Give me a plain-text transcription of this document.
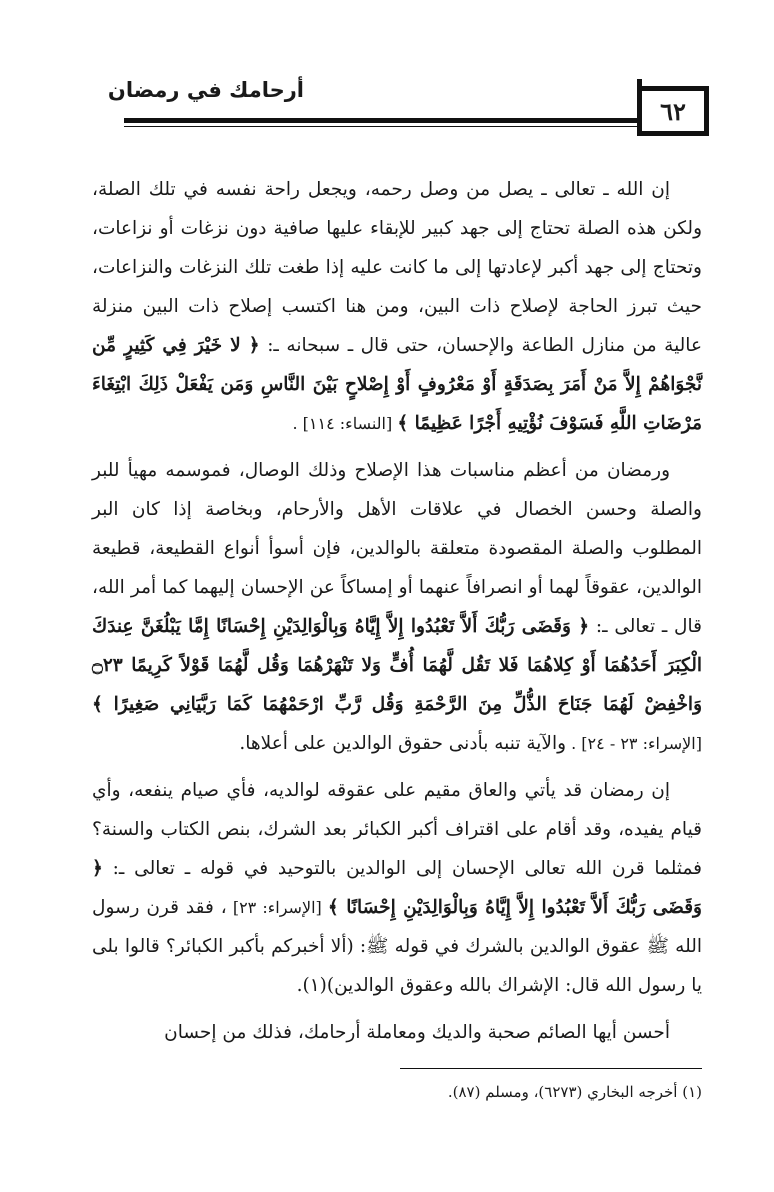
أرحامك في رمضان
٦٢

إن الله ـ تعالى ـ يصل من وصل رحمه، ويجعل راحة نفسه في تلك الصلة، ولكن هذه الصلة تحتاج إلى جهد كبير للإبقاء عليها صافية دون نزغات أو نزاعات، وتحتاج إلى جهد أكبر لإعادتها إلى ما كانت عليه إذا طغت تلك النزغات والنزاعات، حيث تبرز الحاجة لإصلاح ذات البين، ومن هنا اكتسب إصلاح ذات البين منزلة عالية من منازل الطاعة والإحسان، حتى قال ـ سبحانه ـ: ﴿ لا خَيْرَ فِي كَثِيرٍ مِّن نَّجْوَاهُمْ إِلاَّ مَنْ أَمَرَ بِصَدَقَةٍ أَوْ مَعْرُوفٍ أَوْ إِصْلاحٍ بَيْنَ النَّاسِ وَمَن يَفْعَلْ ذَلِكَ ابْتِغَاءَ مَرْضَاتِ اللَّهِ فَسَوْفَ نُؤْتِيهِ أَجْرًا عَظِيمًا ﴾ [النساء: ١١٤] .

ورمضان من أعظم مناسبات هذا الإصلاح وذلك الوصال، فموسمه مهيأ للبر والصلة وحسن الخصال في علاقات الأهل والأرحام، وبخاصة إذا كان البر المطلوب والصلة المقصودة متعلقة بالوالدين، فإن أسوأ أنواع القطيعة، قطيعة الوالدين، عقوقاً لهما أو انصرافاً عنهما أو إمساكاً عن الإحسان إليهما كما أمر الله، قال ـ تعالى ـ: ﴿ وَقَضَى رَبُّكَ أَلاَّ تَعْبُدُوا إِلاَّ إِيَّاهُ وَبِالْوَالِدَيْنِ إِحْسَانًا إِمَّا يَبْلُغَنَّ عِندَكَ الْكِبَرَ أَحَدُهُمَا أَوْ كِلاهُمَا فَلا تَقُل لَّهُمَا أُفٍّ وَلا تَنْهَرْهُمَا وَقُل لَّهُمَا قَوْلاً كَرِيمًا ۝٢٣ وَاخْفِضْ لَهُمَا جَنَاحَ الذُّلِّ مِنَ الرَّحْمَةِ وَقُل رَّبِّ ارْحَمْهُمَا كَمَا رَبَّيَانِي صَغِيرًا ﴾ [الإسراء: ٢٣ - ٢٤] . والآية تنبه بأدنى حقوق الوالدين على أعلاها.

إن رمضان قد يأتي والعاق مقيم على عقوقه لوالديه، فأي صيام ينفعه، وأي قيام يفيده، وقد أقام على اقتراف أكبر الكبائر بعد الشرك، بنص الكتاب والسنة؟ فمثلما قرن الله تعالى الإحسان إلى الوالدين بالتوحيد في قوله ـ تعالى ـ: ﴿ وَقَضَى رَبُّكَ أَلاَّ تَعْبُدُوا إِلاَّ إِيَّاهُ وَبِالْوَالِدَيْنِ إِحْسَانًا ﴾ [الإسراء: ٢٣] ، فقد قرن رسول الله ﷺ عقوق الوالدين بالشرك في قوله ﷺ: (ألا أخبركم بأكبر الكبائر؟ قالوا بلى يا رسول الله قال: الإشراك بالله وعقوق الوالدين)(١).

أحسن أيها الصائم صحبة والديك ومعاملة أرحامك، فذلك من إحسان

(١) أخرجه البخاري (٦٢٧٣)، ومسلم (٨٧).
